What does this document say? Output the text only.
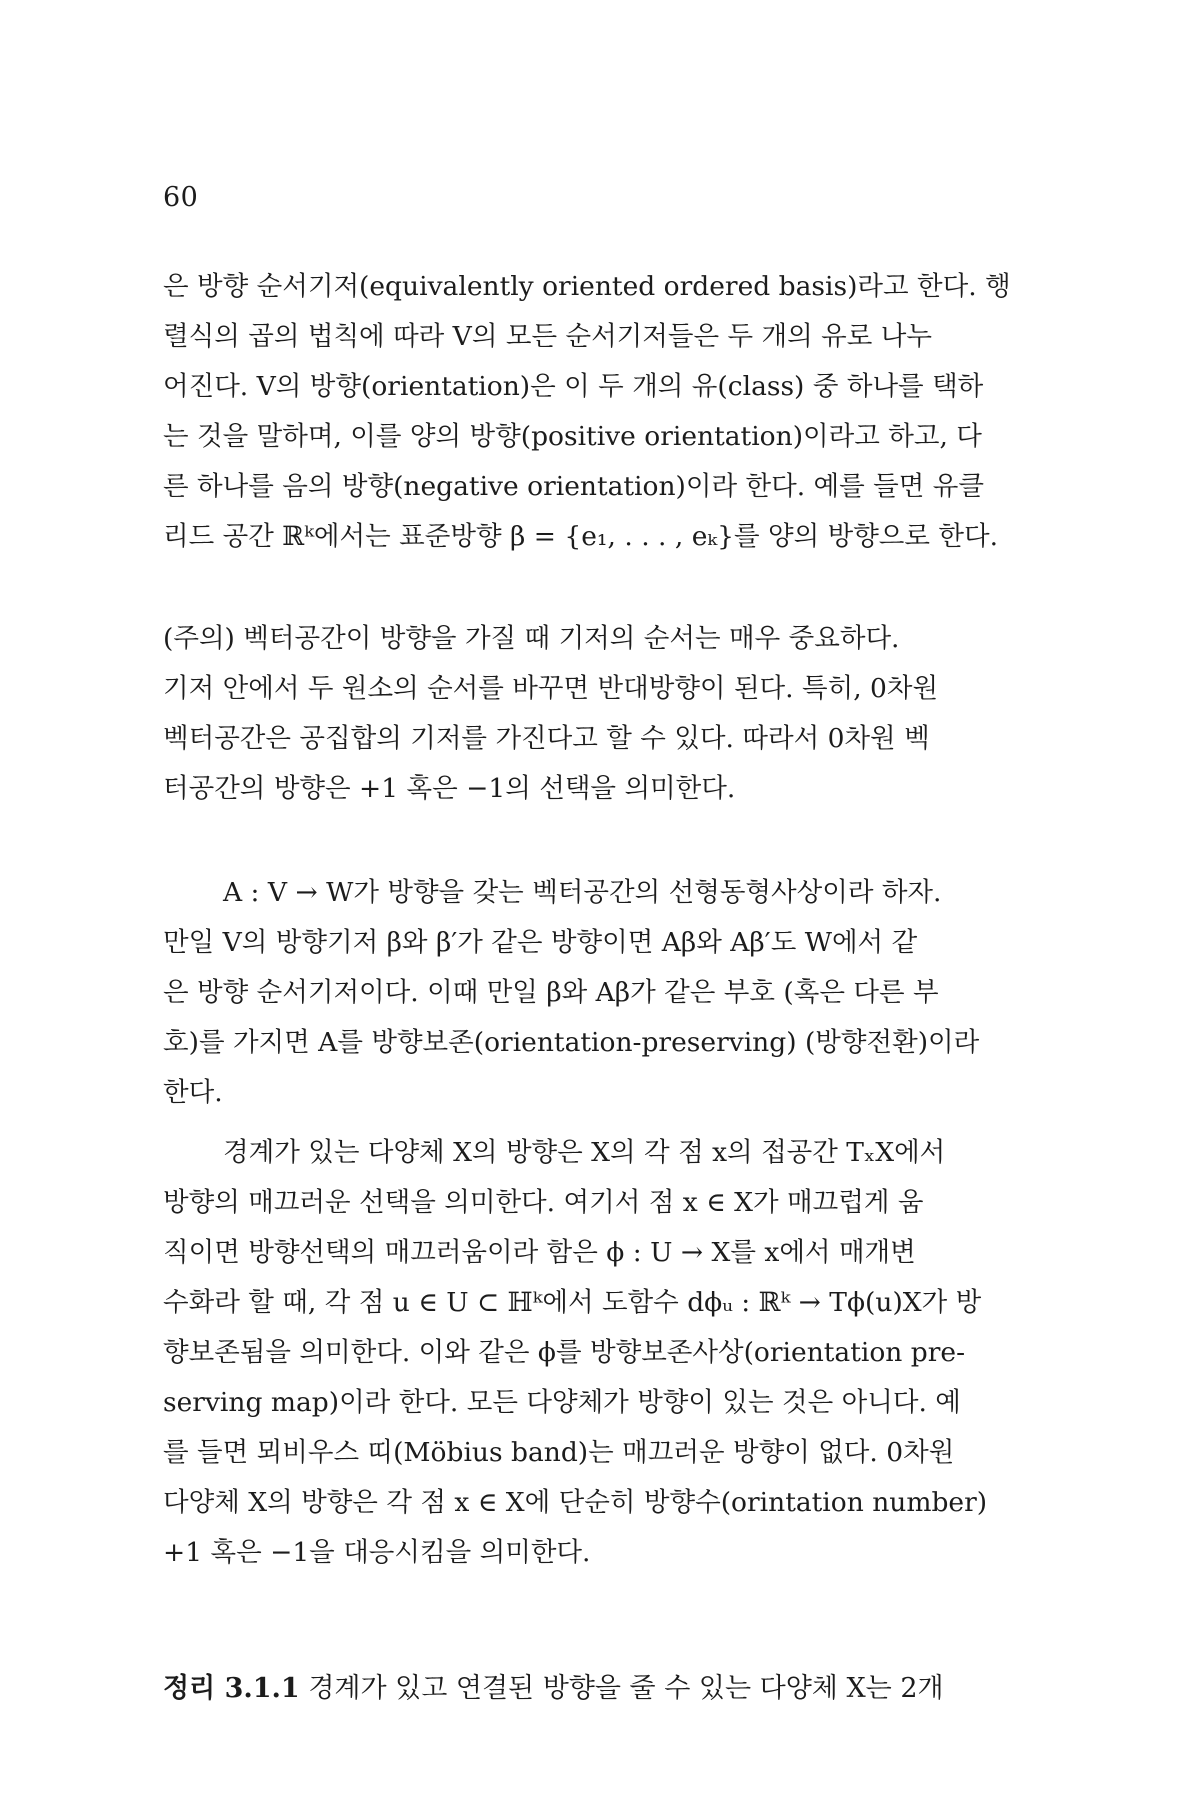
60
은 방향 순서기저(equivalently oriented ordered basis)라고 한다. 행
렬식의 곱의 법칙에 따라 V의 모든 순서기저들은 두 개의 유로 나누
어진다. V의 방향(orientation)은 이 두 개의 유(class) 중 하나를 택하
는 것을 말하며, 이를 양의 방향(positive orientation)이라고 하고, 다
른 하나를 음의 방향(negative orientation)이라 한다. 예를 들면 유클
리드 공간 ℝᵏ에서는 표준방향 β = {e₁, . . . , eₖ}를 양의 방향으로 한다.
(주의) 벡터공간이 방향을 가질 때 기저의 순서는 매우 중요하다.
기저 안에서 두 원소의 순서를 바꾸면 반대방향이 된다. 특히, 0차원
벡터공간은 공집합의 기저를 가진다고 할 수 있다. 따라서 0차원 벡
터공간의 방향은 +1 혹은 −1의 선택을 의미한다.
A : V → W가 방향을 갖는 벡터공간의 선형동형사상이라 하자.
만일 V의 방향기저 β와 β′가 같은 방향이면 Aβ와 Aβ′도 W에서 같
은 방향 순서기저이다. 이때 만일 β와 Aβ가 같은 부호 (혹은 다른 부
호)를 가지면 A를 방향보존(orientation-preserving) (방향전환)이라
한다.
경계가 있는 다양체 X의 방향은 X의 각 점 x의 접공간 TₓX에서
방향의 매끄러운 선택을 의미한다. 여기서 점 x ∈ X가 매끄럽게 움
직이면 방향선택의 매끄러움이라 함은 ϕ : U → X를 x에서 매개변
수화라 할 때, 각 점 u ∈ U ⊂ ℍᵏ에서 도함수 dϕᵤ : ℝᵏ → Tϕ(u)X가 방
향보존됨을 의미한다. 이와 같은 ϕ를 방향보존사상(orientation pre-
serving map)이라 한다. 모든 다양체가 방향이 있는 것은 아니다. 예
를 들면 뫼비우스 띠(Möbius band)는 매끄러운 방향이 없다. 0차원
다양체 X의 방향은 각 점 x ∈ X에 단순히 방향수(orintation number)
+1 혹은 −1을 대응시킴을 의미한다.
정리 3.1.1 경계가 있고 연결된 방향을 줄 수 있는 다양체 X는 2개
